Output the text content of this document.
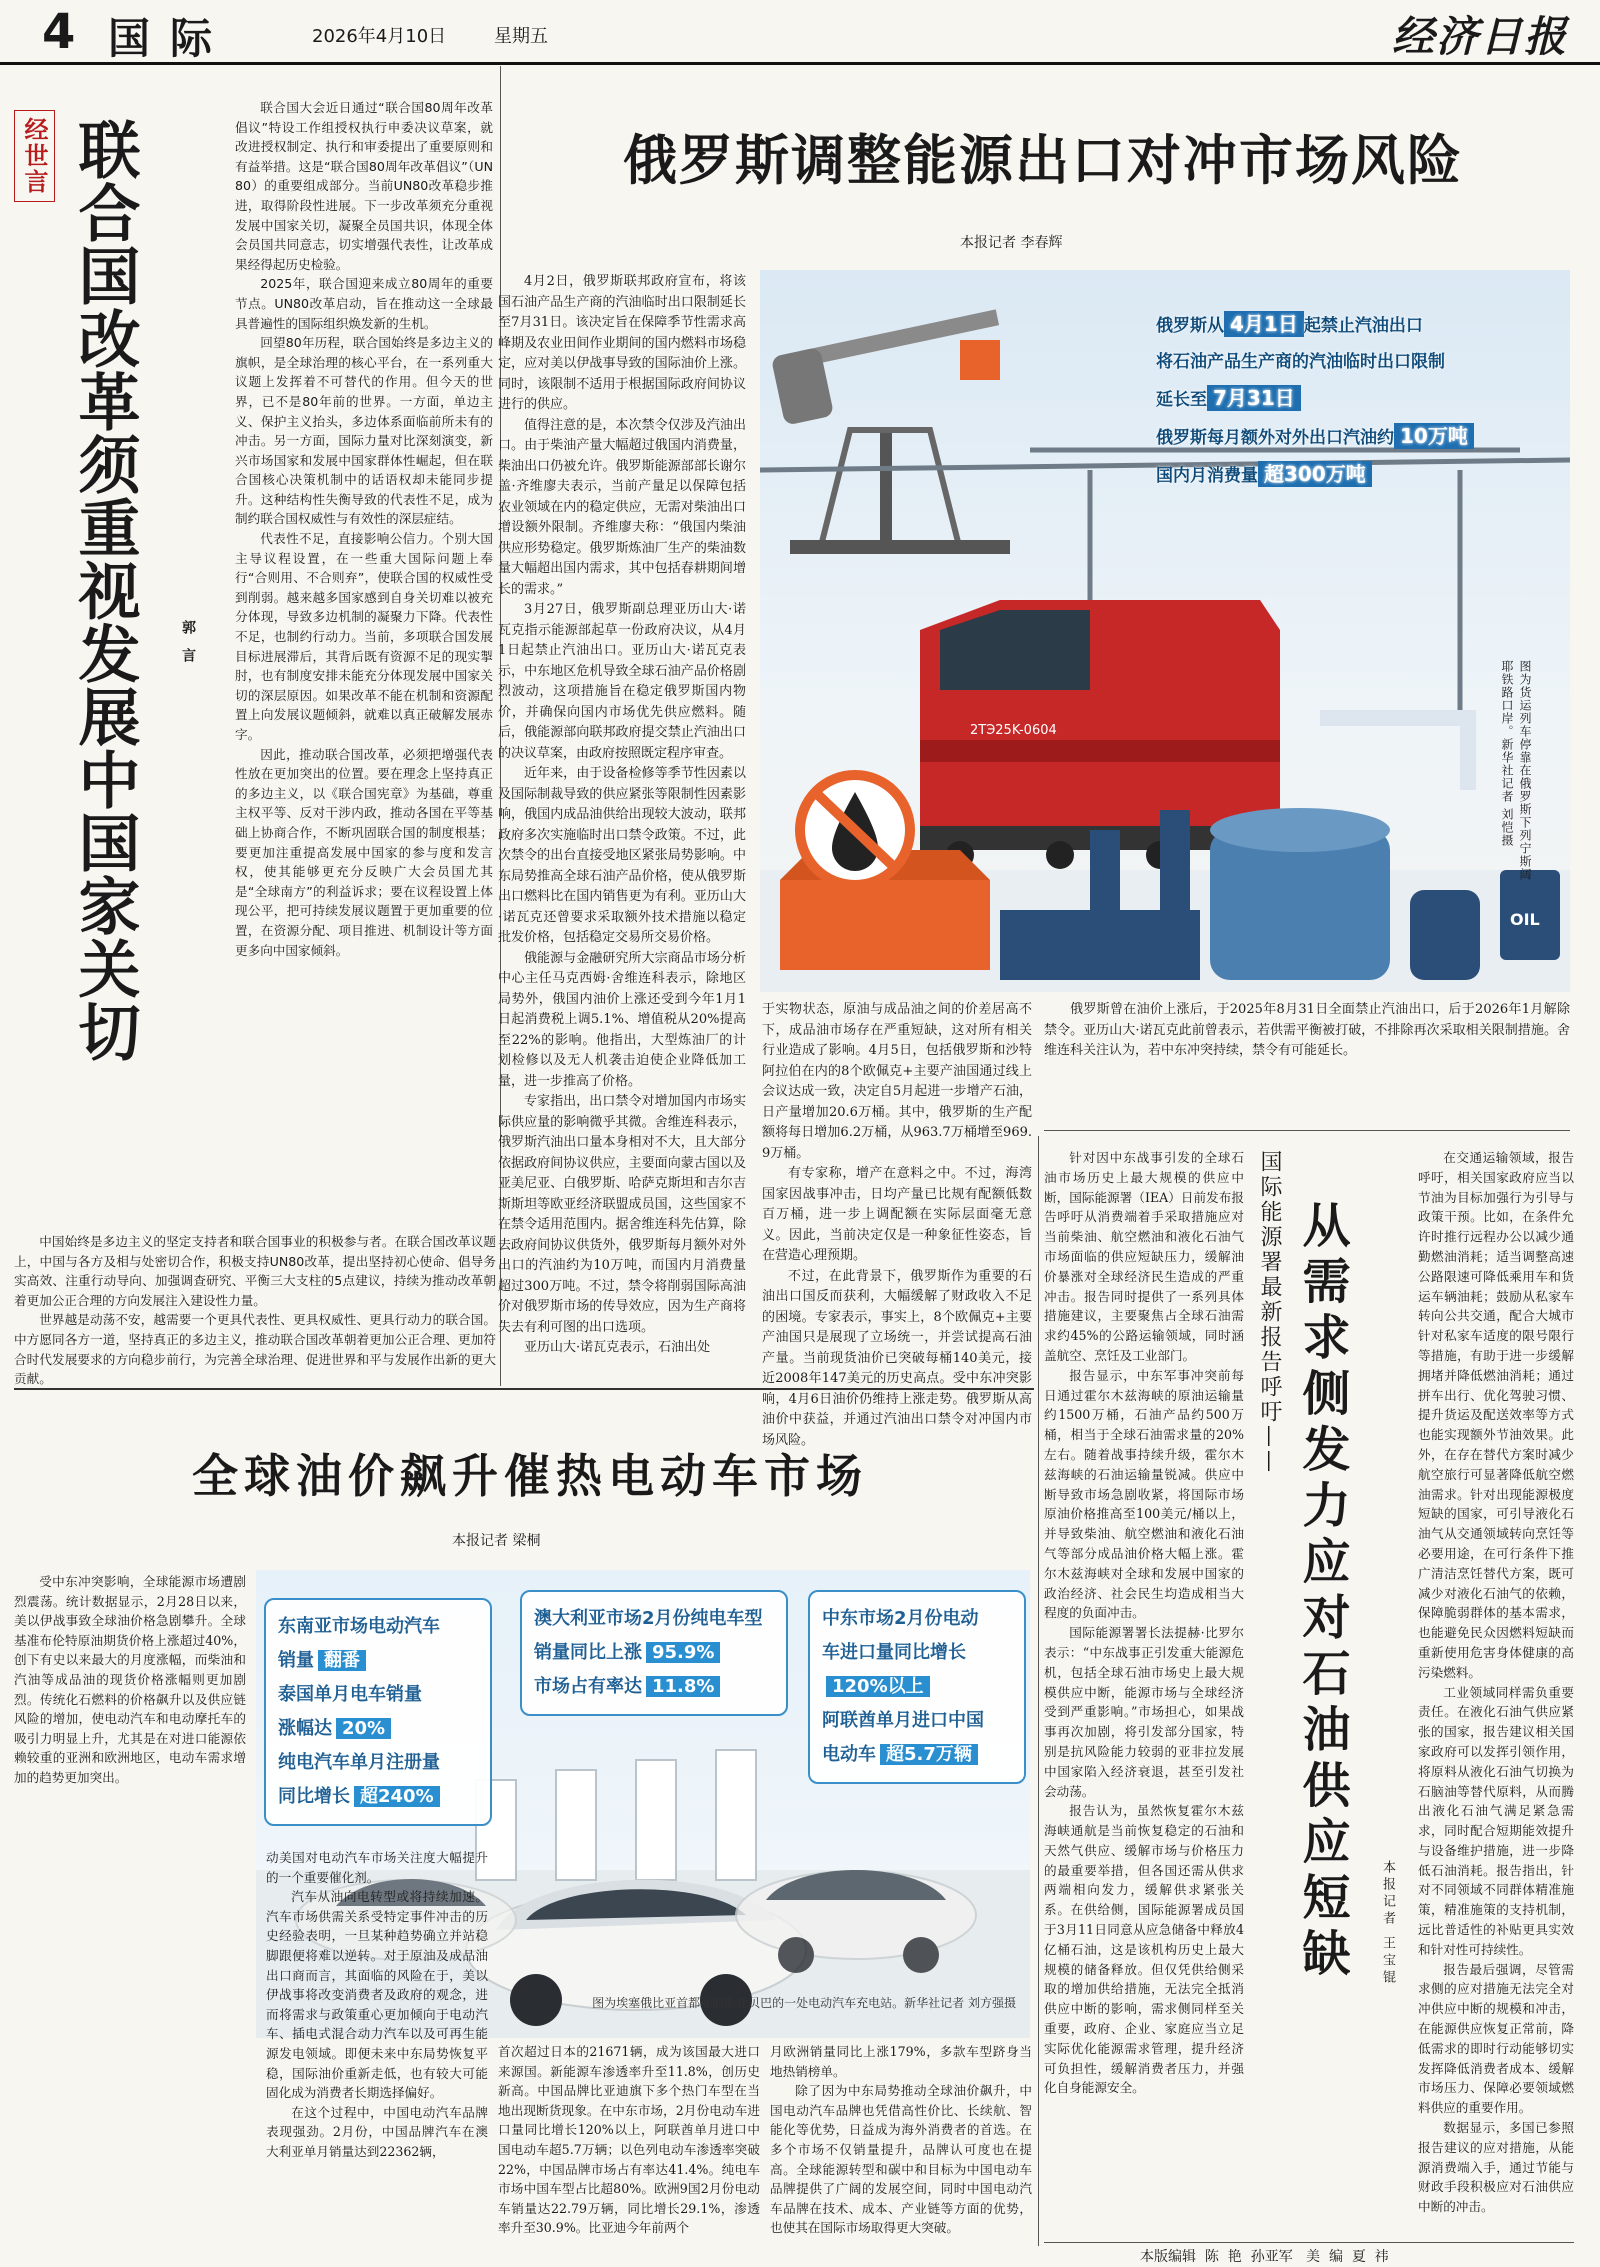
4 国际	2026年4月10日	星期五	经济日报
经世言 联合国改革须重视发展中国家关切	郭言

联合国大会近日通过“联合国80周年改革倡议”特设工作组授权执行申委决议草案，就改进授权制定、执行和审委提出了重要原则和有益举措。这是“联合国80周年改革倡议”（UN80）的重要组成部分。当前UN80改革稳步推进，取得阶段性进展。下一步改革须充分重视发展中国家关切，凝聚全员国共识，体现全体会员国共同意志，切实增强代表性，让改革成果经得起历史检验。

2025年，联合国迎来成立80周年的重要节点。UN80改革启动，旨在推动这一全球最具普遍性的国际组织焕发新的生机。

回望80年历程，联合国始终是多边主义的旗帜，是全球治理的核心平台，在一系列重大议题上发挥着不可替代的作用。但今天的世界，已不是80年前的世界。一方面，单边主义、保护主义抬头，多边体系面临前所未有的冲击。另一方面，国际力量对比深刻演变，新兴市场国家和发展中国家群体性崛起，但在联合国核心决策机制中的话语权却未能同步提升。这种结构性失衡导致的代表性不足，成为制约联合国权威性与有效性的深层症结。

代表性不足，直接影响公信力。个别大国主导议程设置，在一些重大国际问题上奉行“合则用、不合则弃”，使联合国的权威性受到削弱。越来越多国家感到自身关切难以被充分体现，导致多边机制的凝聚力下降。代表性不足，也制约行动力。当前，多项联合国发展目标进展滞后，其背后既有资源不足的现实掣肘，也有制度安排未能充分体现发展中国家关切的深层原因。如果改革不能在机制和资源配置上向发展议题倾斜，就难以真正破解发展赤字。

因此，推动联合国改革，必须把增强代表性放在更加突出的位置。要在理念上坚持真正的多边主义，以《联合国宪章》为基础，尊重主权平等、反对干涉内政，推动各国在平等基础上协商合作，不断巩固联合国的制度根基；要更加注重提高发展中国家的参与度和发言权，使其能够更充分反映广大会员国尤其是“全球南方”的利益诉求；要在议程设置上体现公平，把可持续发展议题置于更加重要的位置，在资源分配、项目推进、机制设计等方面更多向中国家倾斜。

中国始终是多边主义的坚定支持者和联合国事业的积极参与者。在联合国改革议题上，中国与各方及相与处密切合作，积极支持UN80改革，提出坚持初心使命、倡导务实高效、注重行动导向、加强调查研究、平衡三大支柱的5点建议，持续为推动改革朝着更加公正合理的方向发展注入建设性力量。

世界越是动荡不安，越需要一个更具代表性、更具权威性、更具行动力的联合国。中方愿同各方一道，坚持真正的多边主义，推动联合国改革朝着更加公正合理、更加符合时代发展要求的方向稳步前行，为完善全球治理、促进世界和平与发展作出新的更大贡献。

俄罗斯调整能源出口对冲市场风险
本报记者 李春辉

4月2日，俄罗斯联邦政府宣布，将该国石油产品生产商的汽油临时出口限制延长至7月31日。该决定旨在保障季节性需求高峰期及农业田间作业期间的国内燃料市场稳定，应对美以伊战事导致的国际油价上涨。同时，该限制不适用于根据国际政府间协议进行的供应。

值得注意的是，本次禁令仅涉及汽油出口。由于柴油产量大幅超过俄国内消费量，柴油出口仍被允许。俄罗斯能源部部长谢尔盖·齐维廖夫表示，当前产量足以保障包括农业领域在内的稳定供应，无需对柴油出口增设额外限制。齐维廖夫称：“俄国内柴油供应形势稳定。俄罗斯炼油厂生产的柴油数量大幅超出国内需求，其中包括春耕期间增长的需求。”

3月27日，俄罗斯副总理亚历山大·诺瓦克指示能源部起草一份政府决议，从4月1日起禁止汽油出口。亚历山大·诺瓦克表示，中东地区危机导致全球石油产品价格剧烈波动，这项措施旨在稳定俄罗斯国内物价，并确保向国内市场优先供应燃料。随后，俄能源部向联邦政府提交禁止汽油出口的决议草案，由政府按照既定程序审查。

近年来，由于设备检修等季节性因素以及国际制裁导致的供应紧张等限制性因素影响，俄国内成品油供给出现较大波动，联邦政府多次实施临时出口禁令政策。不过，此次禁令的出台直接受地区紧张局势影响。中东局势推高全球石油产品价格，使从俄罗斯出口燃料比在国内销售更为有利。亚历山大·诺瓦克还曾要求采取额外技术措施以稳定批发价格，包括稳定交易所交易价格。

俄能源与金融研究所大宗商品市场分析中心主任马克西姆·舍维连科表示，除地区局势外，俄国内油价上涨还受到今年1月1日起消费税上调5.1%、增值税从20%提高至22%的影响。他指出，大型炼油厂的计划检修以及无人机袭击迫使企业降低加工量，进一步推高了价格。

专家指出，出口禁令对增加国内市场实际供应量的影响微乎其微。舍维连科表示，俄罗斯汽油出口量本身相对不大，且大部分依据政府间协议供应，主要面向蒙古国以及亚美尼亚、白俄罗斯、哈萨克斯坦和吉尔吉斯斯坦等欧亚经济联盟成员国，这些国家不在禁令适用范围内。据舍维连科先估算，除去政府间协议供货外，俄罗斯每月额外对外出口的汽油约为10万吨，而国内月消费量超过300万吨。不过，禁令将削弱国际高油价对俄罗斯市场的传导效应，因为生产商将失去有利可图的出口选项。

亚历山大·诺瓦克表示，石油出处

2TЭ25K-0604
OIL
俄罗斯从 4月1日 起禁止汽油出口
将石油产品生产商的汽油临时出口限制
延长至 7月31日
俄罗斯每月额外对外出口汽油约 10万吨
国内月消费量 超300万吨
图为货运列车停靠在俄罗斯下列宁斯阔耶铁路口岸。新华社记者 刘恺摄

于实物状态，原油与成品油之间的价差居高不下，成品油市场存在严重短缺，这对所有相关行业造成了影响。4月5日，包括俄罗斯和沙特阿拉伯在内的8个欧佩克+主要产油国通过线上会议达成一致，决定自5月起进一步增产石油，日产量增加20.6万桶。其中，俄罗斯的生产配额将每日增加6.2万桶，从963.7万桶增至969.9万桶。

有专家称，增产在意料之中。不过，海湾国家因战事冲击，日均产量已比规有配额低数百万桶，进一步上调配额在实际层面毫无意义。因此，当前决定仅是一种象征性姿态，旨在营造心理预期。

不过，在此背景下，俄罗斯作为重要的石油出口国反而获利，大幅缓解了财政收入不足的困境。专家表示，事实上，8个欧佩克+主要产油国只是展现了立场统一，并尝试提高石油产量。当前现货油价已突破每桶140美元，接近2008年147美元的历史高点。受中东冲突影响，4月6日油价仍维持上涨走势。俄罗斯从高油价中获益，并通过汽油出口禁令对冲国内市场风险。

俄罗斯曾在油价上涨后，于2025年8月31日全面禁止汽油出口，后于2026年1月解除禁令。亚历山大·诺瓦克此前曾表示，若供需平衡被打破，不排除再次采取相关限制措施。舍维连科关注认为，若中东冲突持续，禁令有可能延长。

国际能源署最新报告呼吁—— 从需求侧发力应对石油供应短缺 本报记者 王宝锟

针对因中东战事引发的全球石油市场历史上最大规模的供应中断，国际能源署（IEA）日前发布报告呼吁从消费端着手采取措施应对当前柴油、航空燃油和液化石油气市场面临的供应短缺压力，缓解油价暴涨对全球经济民生造成的严重冲击。报告同时提供了一系列具体措施建议，主要聚焦占全球石油需求约45%的公路运输领域，同时涵盖航空、烹饪及工业部门。

报告显示，中东军事冲突前每日通过霍尔木兹海峡的原油运输量约1500万桶，石油产品约500万桶，相当于全球石油需求量的20%左右。随着战事持续升级，霍尔木兹海峡的石油运输量锐减。供应中断导致市场急剧收紧，将国际市场原油价格推高至100美元/桶以上，并导致柴油、航空燃油和液化石油气等部分成品油价格大幅上涨。霍尔木兹海峡对全球和发展中国家的政治经济、社会民生均造成相当大程度的负面冲击。

国际能源署署长法提赫·比罗尔表示：“中东战事正引发重大能源危机，包括全球石油市场史上最大规模供应中断，能源市场与全球经济受到严重影响。”市场担心，如果战事再次加剧，将引发部分国家，特别是抗风险能力较弱的亚非拉发展中国家陷入经济衰退，甚至引发社会动荡。

报告认为，虽然恢复霍尔木兹海峡通航是当前恢复稳定的石油和天然气供应、缓解市场与价格压力的最重要举措，但各国还需从供求两端相向发力，缓解供求紧张关系。在供给侧，国际能源署成员国于3月11日同意从应急储备中释放4亿桶石油，这是该机构历史上最大规模的储备释放。但仅凭供给侧采取的增加供给措施，无法完全抵消供应中断的影响，需求侧同样至关重要，政府、企业、家庭应当立足实际优化能源需求管理，提升经济可负担性，缓解消费者压力，并强化自身能源安全。

在交通运输领域，报告呼吁，相关国家政府应当以节油为目标加强行为引导与政策干预。比如，在条件允许时推行远程办公以减少通勤燃油消耗；适当调整高速公路限速可降低乘用车和货运车辆油耗；鼓励从私家车转向公共交通，配合大城市针对私家车适度的限号限行等措施，有助于进一步缓解拥堵并降低燃油消耗；通过拼车出行、优化驾驶习惯、提升货运及配送效率等方式也能实现额外节油效果。此外，在存在替代方案时减少航空旅行可显著降低航空燃油需求。针对出现能源极度短缺的国家，可引导液化石油气从交通领域转向烹饪等必要用途，在可行条件下推广清洁烹饪替代方案，既可减少对液化石油气的依赖，保障脆弱群体的基本需求，也能避免民众因燃料短缺而重新使用危害身体健康的高污染燃料。

工业领域同样需负重要责任。在液化石油气供应紧张的国家，报告建议相关国家政府可以发挥引领作用，将原料从液化石油气切换为石脑油等替代原料，从而腾出液化石油气满足紧急需求，同时配合短期能效提升与设备维护措施，进一步降低石油消耗。报告指出，针对不同领域不同群体精准施策，精准施策的支持机制，远比普适性的补贴更具实效和针对性可持续性。

报告最后强调，尽管需求侧的应对措施无法完全对冲供应中断的规模和冲击，在能源供应恢复正常前，降低需求的即时行动能够切实发挥降低消费者成本、缓解市场压力、保障必要领域燃料供应的重要作用。

数据显示，多国已参照报告建议的应对措施，从能源消费端入手，通过节能与财政手段积极应对石油供应中断的冲击。

全球油价飙升催热电动车市场
本报记者 梁桐

受中东冲突影响，全球能源市场遭剧烈震荡。统计数据显示，2月28日以来，美以伊战事致全球油价格急剧攀升。全球基准布伦特原油期货价格上涨超过40%，创下有史以来最大的月度涨幅，而柴油和汽油等成品油的现货价格涨幅则更加剧烈。传统化石燃料的价格飙升以及供应链风险的增加，使电动汽车和电动摩托车的吸引力明显上升，尤其是在对进口能源依赖较重的亚洲和欧洲地区，电动车需求增加的趋势更加突出。

图为埃塞俄比亚首都亚的斯亚贝巴的一处电动汽车充电站。新华社记者 刘方强摄
东南亚市场电动汽车
销量 翻番
泰国单月电车销量
涨幅达 20%
纯电汽车单月注册量
同比增长 超240%
澳大利亚市场2月份纯电车型
销量同比上涨 95.9%
市场占有率达 11.8%
中东市场2月份电动
车进口量同比增长
120%以上
阿联酋单月进口中国
电动车 超5.7万辆

动美国对电动汽车市场关注度大幅提升的一个重要催化剂。

汽车从油向电转型或将持续加速。汽车市场供需关系受特定事件冲击的历史经验表明，一旦某种趋势确立并站稳脚跟便将难以逆转。对于原油及成品油出口商而言，其面临的风险在于，美以伊战事将改变消费者及政府的观念，进而将需求与政策重心更加倾向于电动汽车、插电式混合动力汽车以及可再生能源发电领域。即便未来中东局势恢复平稳，国际油价重新走低，也有较大可能固化成为消费者长期选择偏好。

在这个过程中，中国电动汽车品牌表现强劲。2月份，中国品牌汽车在澳大利亚单月销量达到22362辆，

首次超过日本的21671辆，成为该国最大进口来源国。新能源车渗透率升至11.8%，创历史新高。中国品牌比亚迪旗下多个热门车型在当地出现断货现象。在中东市场，2月份电动车进口量同比增长120%以上，阿联酋单月进口中国电动车超5.7万辆；以色列电动车渗透率突破22%，中国品牌市场占有率达41.4%。纯电车市场中国车型占比超80%。欧洲9国2月份电动车销量达22.79万辆，同比增长29.1%，渗透率升至30.9%。比亚迪今年前两个

月欧洲销量同比上涨179%，多款车型跻身当地热销榜单。

除了因为中东局势推动全球油价飙升，中国电动汽车品牌也凭借高性价比、长续航、智能化等优势，日益成为海外消费者的首选。在多个市场不仅销量提升，品牌认可度也在提高。全球能源转型和碳中和目标为中国电动车品牌提供了广阔的发展空间，同时中国电动汽车品牌在技术、成本、产业链等方面的优势，也使其在国际市场取得更大突破。

本版编辑  陈  艳  孙亚军   美  编  夏  祎
